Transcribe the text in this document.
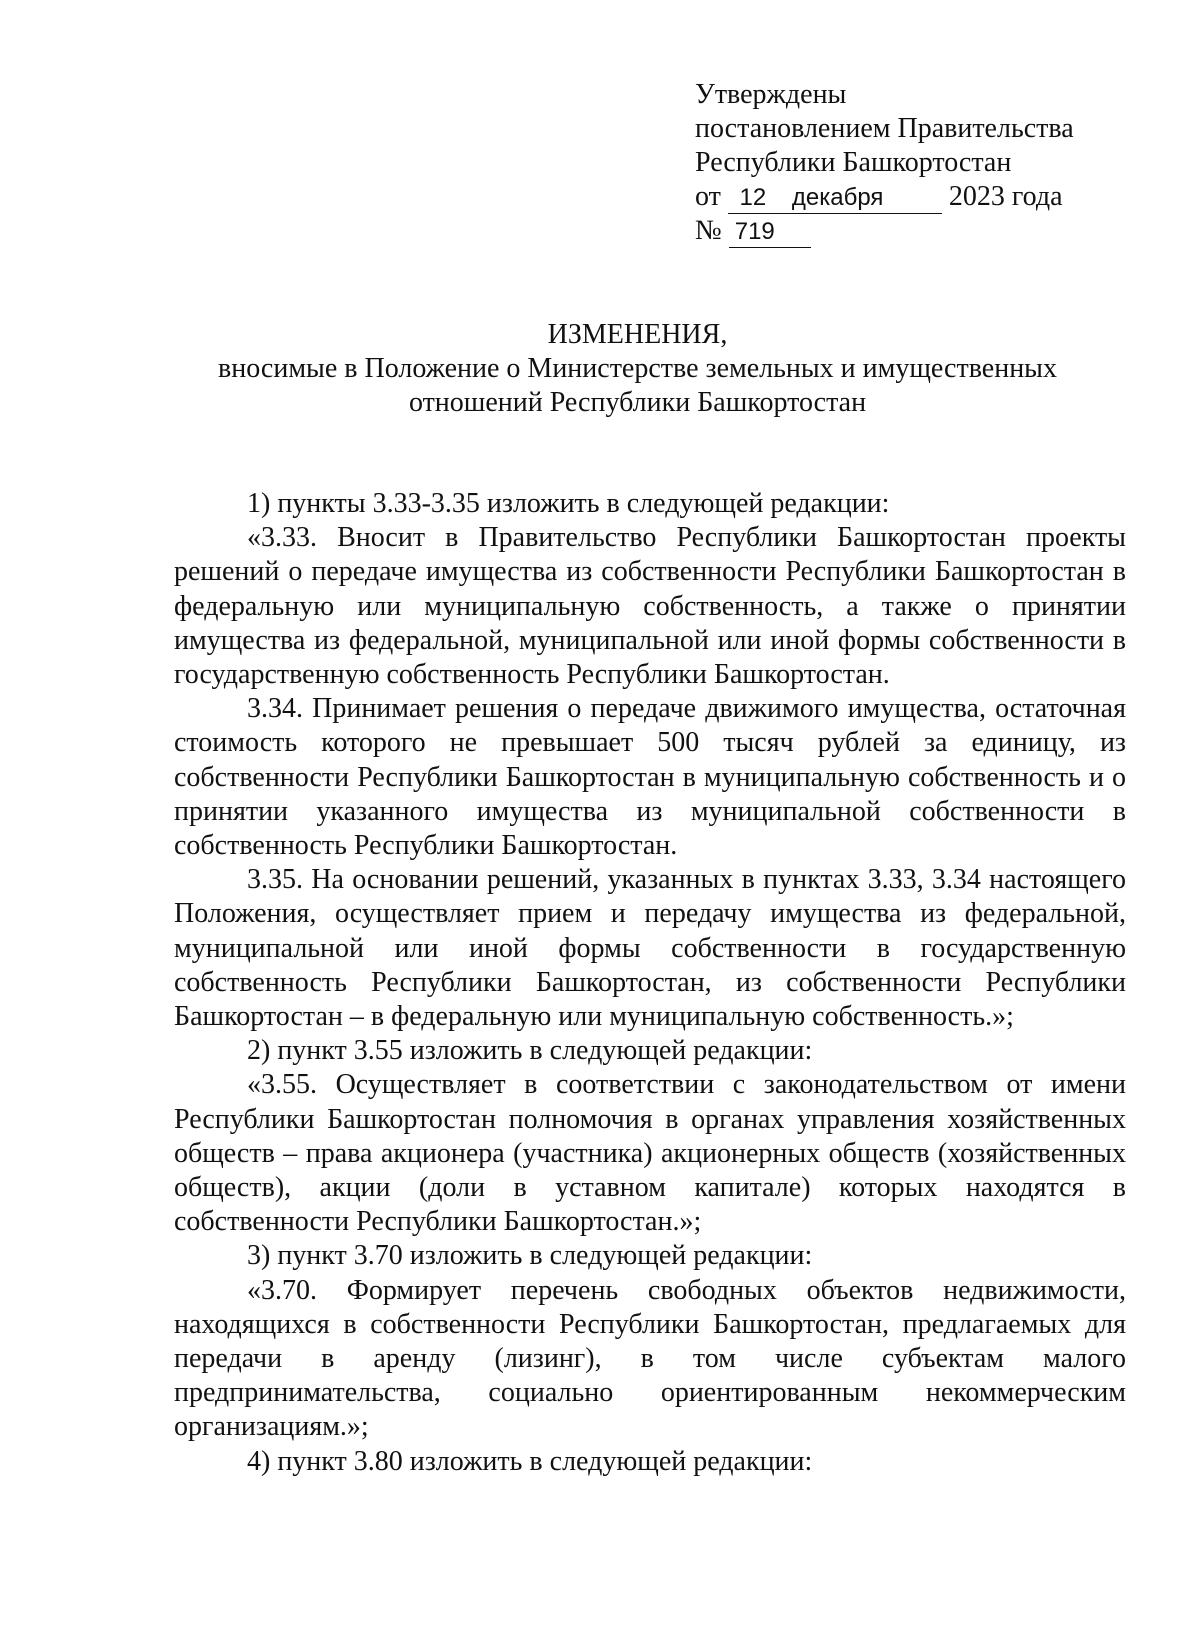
Утверждены
постановлением Правительства
Республики Башкортостан
от 12 декабря 2023 года
№ 719
ИЗМЕНЕНИЯ,
вносимые в Положение о Министерстве земельных и имущественных
отношений Республики Башкортостан

1) пункты 3.33-3.35 изложить в следующей редакции:

«3.33. Вносит в Правительство Республики Башкортостан проекты решений о передаче имущества из собственности Республики Башкортостан в федеральную или муниципальную собственность, а также о принятии имущества из федеральной, муниципальной или иной формы собственности в государственную собственность Республики Башкортостан.

3.34. Принимает решения о передаче движимого имущества, остаточная стоимость которого не превышает 500 тысяч рублей за единицу, из собственности Республики Башкортостан в муниципальную собственность и о принятии указанного имущества из муниципальной собственности в собственность Республики Башкортостан.

3.35. На основании решений, указанных в пунктах 3.33, 3.34 настоящего Положения, осуществляет прием и передачу имущества из федеральной, муниципальной или иной формы собственности в государственную собственность Республики Башкортостан, из собственности Республики Башкортостан – в федеральную или муниципальную собственность.»;

2) пункт 3.55 изложить в следующей редакции:

«3.55. Осуществляет в соответствии с законодательством от имени Республики Башкортостан полномочия в органах управления хозяйственных обществ – права акционера (участника) акционерных обществ (хозяйственных обществ), акции (доли в уставном капитале) которых находятся в собственности Республики Башкортостан.»;

3) пункт 3.70 изложить в следующей редакции:

«3.70. Формирует перечень свободных объектов недвижимости, находящихся в собственности Республики Башкортостан, предлагаемых для передачи в аренду (лизинг), в том числе субъектам малого предпринимательства, социально ориентированным некоммерческим организациям.»;

4) пункт 3.80 изложить в следующей редакции:
